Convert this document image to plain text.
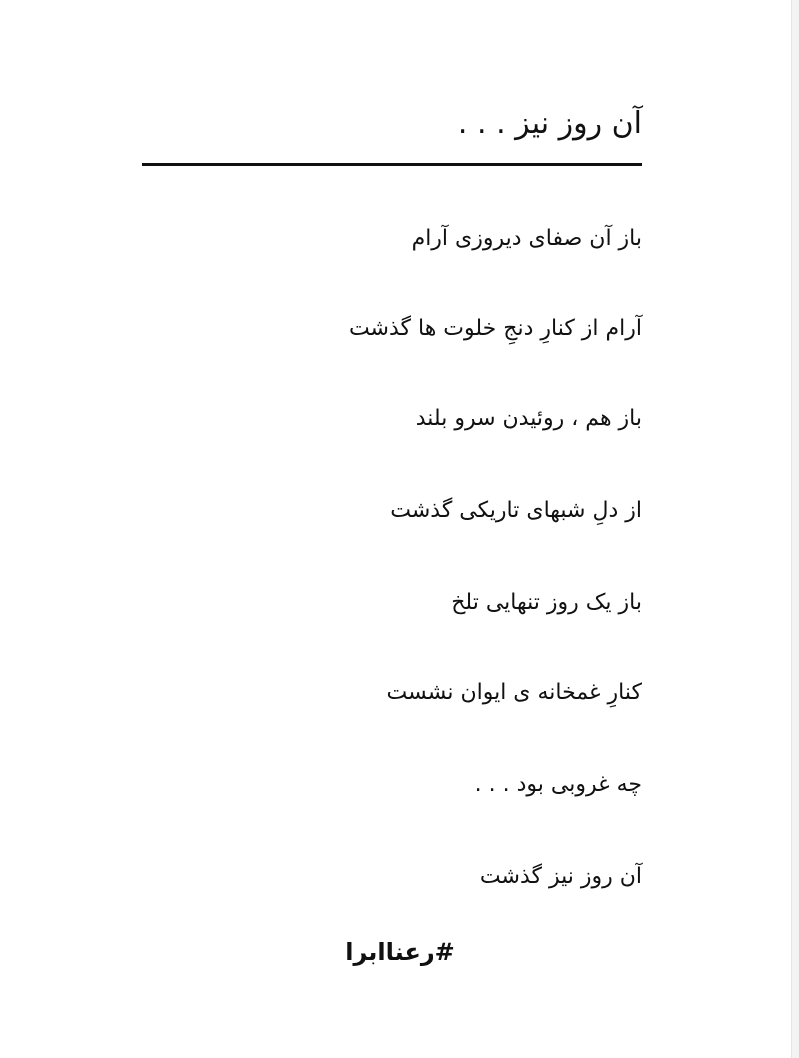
آن روز نیز . . .

باز آن صفای دیروزی آرام

آرام از کنارِ دنجِ خلوت ها گذشت

باز هم ، روئیدن سرو بلند

از دلِ شبهای تاریکی گذشت

باز یک روز تنهایی تلخ

کنارِ غمخانه ی ایوان نشست

چه غروبی بود . . .

آن روز نیز گذشت

#رعناابرا
